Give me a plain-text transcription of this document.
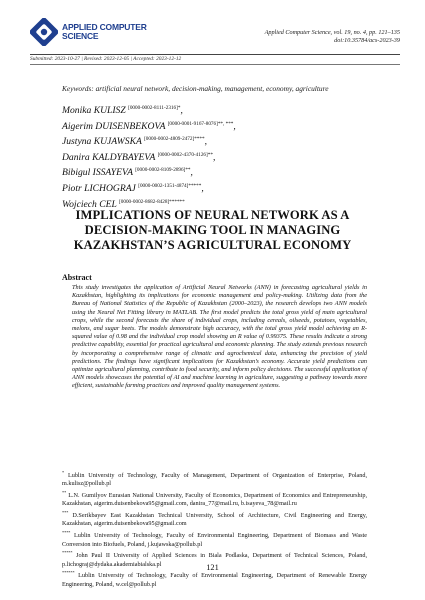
APPLIED COMPUTER
SCIENCE	Applied Computer Science, vol. 19, no. 4, pp. 121–135
doi:10.35784/acs-2023-39
Submitted: 2023-10-27 | Revised: 2023-12-05 | Accepted: 2023-12-12
Keywords: artificial neural network, decision-making, management, economy, agriculture
Monika KULISZ $^{[0000-0002-8111-2316]*}$,
Aigerim DUISENBEKOVA $^{[0000-0001-9167-8076]**, ***}$,
Justyna KUJAWSKA $^{[0000-0002-4809-2472]****}$,
Danira KALDYBAYEVA $^{[0000-0002-4370-4126]**}$,
Bibigul ISSAYEVA $^{[0000-0002-8109-2896]**}$,
Piotr LICHOGRAJ $^{[0000-0002-1351-4874]*****}$,
Wojciech CEL $^{[0000-0002-8682-8428]******}$
IMPLICATIONS OF NEURAL NETWORK AS A
DECISION-MAKING TOOL IN MANAGING
KAZAKHSTAN’S AGRICULTURAL ECONOMY
Abstract
This study investigates the application of Artificial Neural Networks (ANN) in forecasting agricultural yields in Kazakhstan, highlighting its implications for economic management and policy-making. Utilizing data from the Bureau of National Statistics of the Republic of Kazakhstan (2000–2023), the research develops two ANN models using the Neural Net Fitting library in MATLAB. The first model predicts the total gross yield of main agricultural crops, while the second forecasts the share of individual crops, including cereals, oilseeds, potatoes, vegetables, melons, and sugar beets. The models demonstrate high accuracy, with the total gross yield model achieving an R-squared value of 0.98 and the individual crop model showing an R value of 0.99375. These results indicate a strong predictive capability, essential for practical agricultural and economic planning. The study extends previous research by incorporating a comprehensive range of climatic and agrochemical data, enhancing the precision of yield predictions. The findings have significant implications for Kazakhstan’s economy. Accurate yield predictions can optimize agricultural planning, contribute to food security, and inform policy decisions. The successful application of ANN models showcases the potential of AI and machine learning in agriculture, suggesting a pathway towards more efficient, sustainable farming practices and improved quality management systems.

* Lublin University of Technology, Faculty of Management, Department of Organization of Enterprise, Poland, m.kulisz@pollub.pl

** L.N. Gumilyov Eurasian National University, Faculty of Economics, Department of Economics and Entrepreneurship, Kazakhstan, aigerim.duisenbekova95@gmail.com, danira_77@mail.ru, b.isayeva_78@mail.ru

*** D.Serikbayev East Kazakhstan Technical University, School of Architecture, Civil Engineering and Energy, Kazakhstan, aigerim.duisenbekova95@gmail.com

**** Lublin University of Technology, Faculty of Environmental Engineering, Department of Biomass and Waste Conversion into Biofuels, Poland, j.kujawska@pollub.pl

***** John Paul II University of Applied Sciences in Biala Podlaska, Department of Technical Sciences, Poland, p.lichograj@dydaka.akademiabialska.pl

****** Lublin University of Technology, Faculty of Environmental Engineering, Department of Renewable Energy Engineering, Poland, w.cel@pollub.pl

121
